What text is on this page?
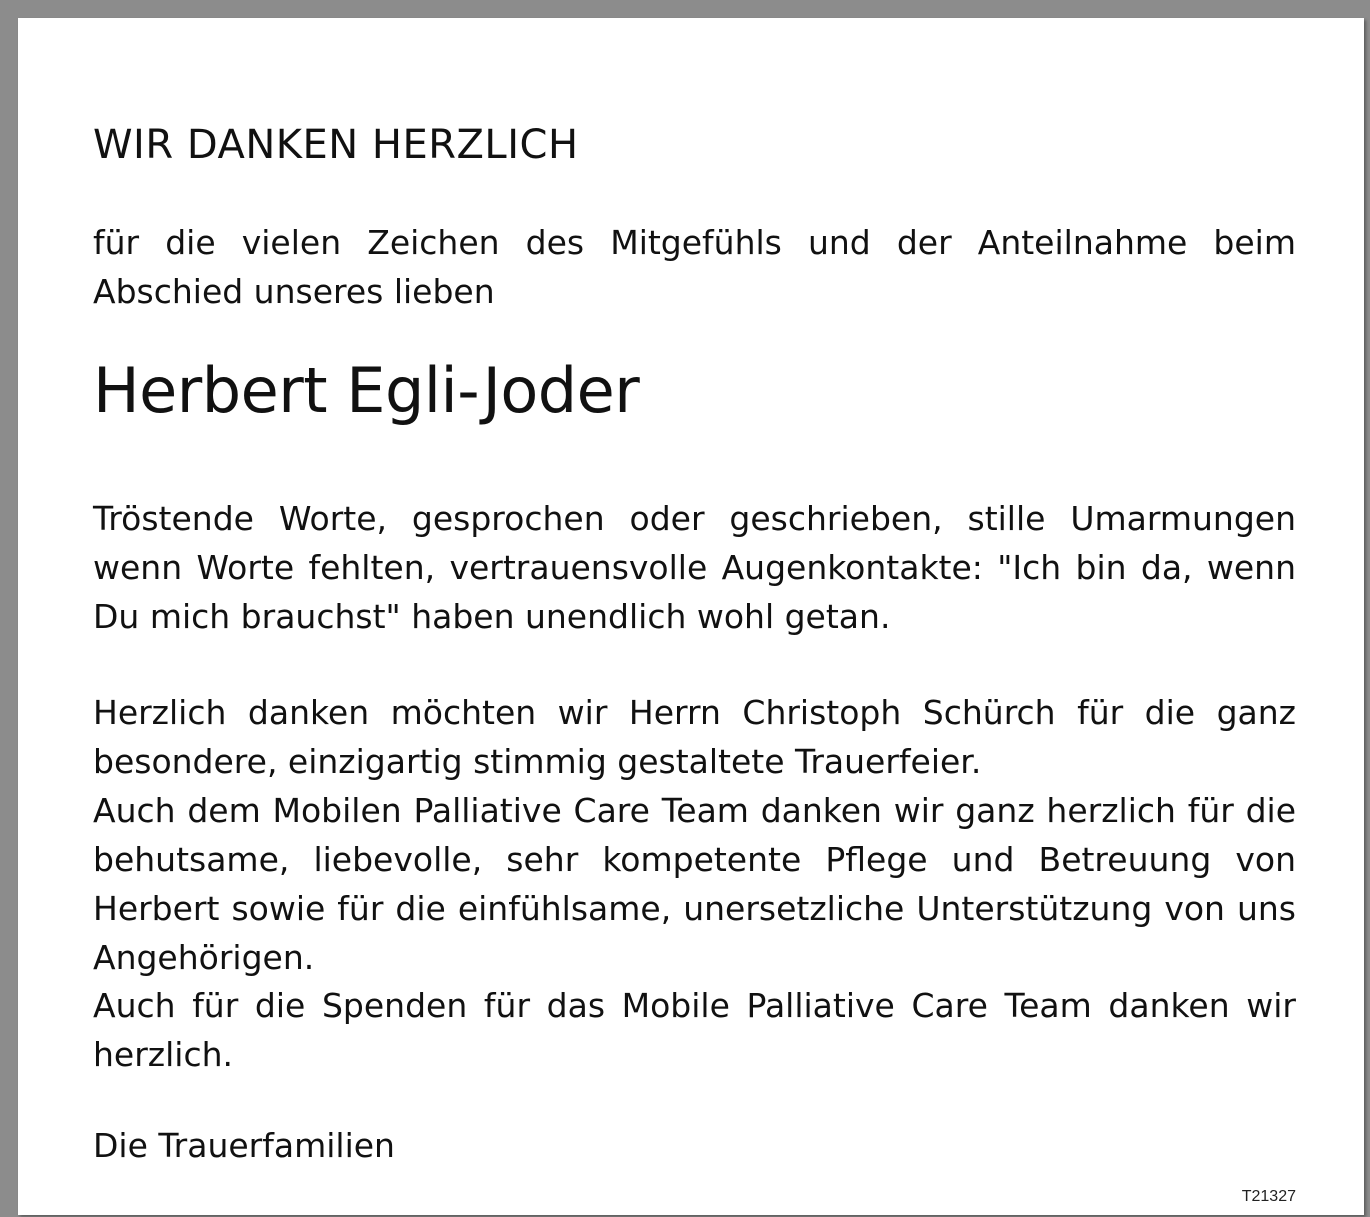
WIR DANKEN HERZLICH

für die vielen Zeichen des Mitgefühls und der Anteilnahme beim Abschied unseres lieben

Herbert Egli-Joder

Tröstende Worte, gesprochen oder geschrieben, stille Umarmungen wenn Worte fehlten, vertrauensvolle Augenkontakte: "Ich bin da, wenn Du mich brauchst" haben unendlich wohl getan.

Herzlich danken möchten wir Herrn Christoph Schürch für die ganz besondere, einzigartig stimmig gestaltete Trauerfeier.

Auch dem Mobilen Palliative Care Team danken wir ganz herzlich für die behutsame, liebevolle, sehr kompetente Pflege und Betreuung von Herbert sowie für die einfühlsame, unersetzliche Unterstützung von uns Angehörigen.

Auch für die Spenden für das Mobile Palliative Care Team danken wir herzlich.

Die Trauerfamilien

T21327
